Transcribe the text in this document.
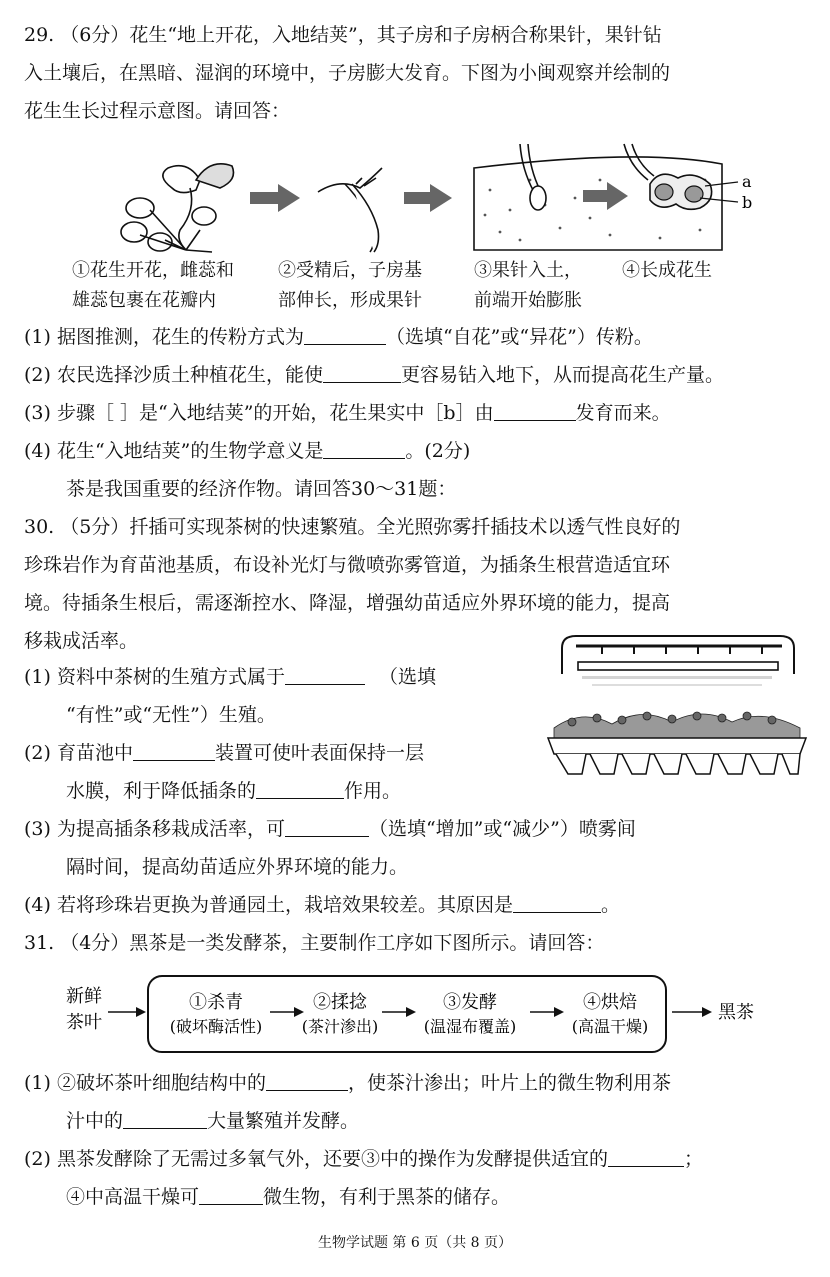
29. （6分）花生“地上开花，入地结荚”，其子房和子房柄合称果针，果针钻
入土壤后，在黑暗、湿润的环境中，子房膨大发育。下图为小闽观察并绘制的
花生生长过程示意图。请回答：
a
b
①花生开花，雌蕊和
雄蕊包裹在花瓣内
②受精后，子房基
部伸长，形成果针
③果针入土，
前端开始膨胀
④长成花生
(1) 据图推测，花生的传粉方式为	（选填“自花”或“异花”）传粉。
(2) 农民选择沙质土种植花生，能使	更容易钻入地下，从而提高花生产量。
(3) 步骤［ ］是“入地结荚”的开始，花生果实中［b］由	发育而来。
(4) 花生“入地结荚”的生物学意义是	。(2分)
茶是我国重要的经济作物。请回答30～31题：
30. （5分）扦插可实现茶树的快速繁殖。全光照弥雾扦插技术以透气性良好的
珍珠岩作为育苗池基质，布设补光灯与微喷弥雾管道，为插条生根营造适宜环
境。待插条生根后，需逐渐控水、降湿，增强幼苗适应外界环境的能力，提高
移栽成活率。
(1) 资料中茶树的生殖方式属于	（选填
“有性”或“无性”）生殖。
(2) 育苗池中	装置可使叶表面保持一层
水膜，利于降低插条的	作用。
(3) 为提高插条移栽成活率，可	（选填“增加”或“减少”）喷雾间
隔时间，提高幼苗适应外界环境的能力。
(4) 若将珍珠岩更换为普通园土，栽培效果较差。其原因是	。
31. （4分）黑茶是一类发酵茶，主要制作工序如下图所示。请回答：
新鲜
茶叶
①杀青
(破坏酶活性)
②揉捻
(茶汁渗出)
③发酵
(温湿布覆盖)
④烘焙
(高温干燥)
黑茶
(1) ②破坏茶叶细胞结构中的	，使茶汁渗出；叶片上的微生物利用茶
汁中的	大量繁殖并发酵。
(2) 黑茶发酵除了无需过多氧气外，还要③中的操作为发酵提供适宜的	；
④中高温干燥可	微生物，有利于黑茶的储存。
生物学试题 第 6 页（共 8 页）
